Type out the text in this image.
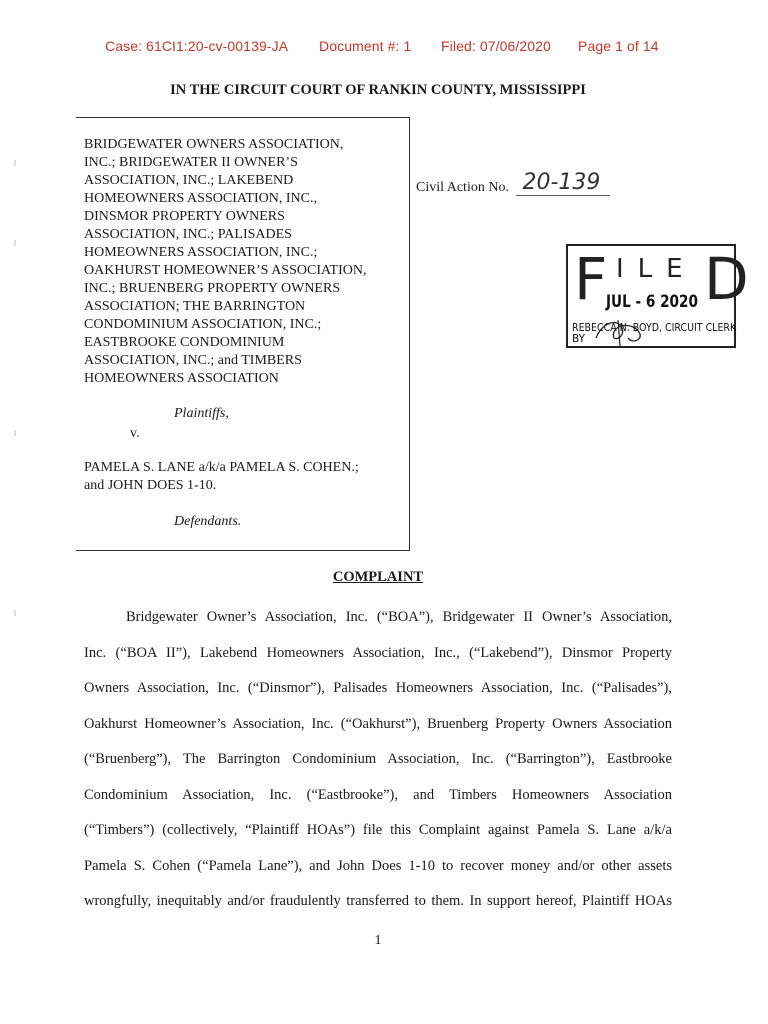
Case: 61CI1:20-cv-00139-JA Document #: 1 Filed: 07/06/2020 Page 1 of 14
IN THE CIRCUIT COURT OF RANKIN COUNTY, MISSISSIPPI
BRIDGEWATER OWNERS ASSOCIATION,
INC.; BRIDGEWATER II OWNER’S
ASSOCIATION, INC.; LAKEBEND
HOMEOWNERS ASSOCIATION, INC.,
DINSMOR PROPERTY OWNERS
ASSOCIATION, INC.; PALISADES
HOMEOWNERS ASSOCIATION, INC.;
OAKHURST HOMEOWNER’S ASSOCIATION,
INC.; BRUENBERG PROPERTY OWNERS
ASSOCIATION; THE BARRINGTON
CONDOMINIUM ASSOCIATION, INC.;
EASTBROOKE CONDOMINIUM
ASSOCIATION, INC.; and TIMBERS
HOMEOWNERS ASSOCIATION
Plaintiffs,
v.
PAMELA S. LANE a/k/a PAMELA S. COHEN.;
and JOHN DOES 1-10.
Defendants.
Civil Action No. 20-139
F ILE D
JUL - 6 2020
REBECCA N. BOYD, CIRCUIT CLERK
BY
COMPLAINT
Bridgewater Owner’s Association, Inc. (“BOA”), Bridgewater II Owner’s Association,
Inc. (“BOA II”), Lakebend Homeowners Association, Inc., (“Lakebend”), Dinsmor Property
Owners Association, Inc. (“Dinsmor”), Palisades Homeowners Association, Inc. (“Palisades”),
Oakhurst Homeowner’s Association, Inc. (“Oakhurst”), Bruenberg Property Owners Association
(“Bruenberg”), The Barrington Condominium Association, Inc. (“Barrington”), Eastbrooke
Condominium Association, Inc. (“Eastbrooke”), and Timbers Homeowners Association
(“Timbers”) (collectively, “Plaintiff HOAs”) file this Complaint against Pamela S. Lane a/k/a
Pamela S. Cohen (“Pamela Lane”), and John Does 1-10 to recover money and/or other assets
wrongfully, inequitably and/or fraudulently transferred to them. In support hereof, Plaintiff HOAs
1
